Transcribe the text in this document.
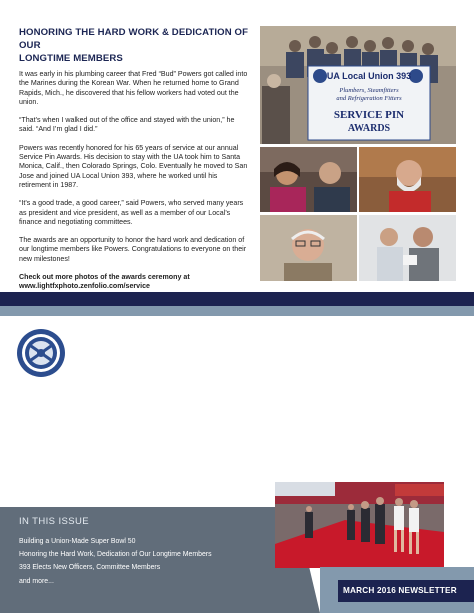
HONORING THE HARD WORK & DEDICATION OF OUR
LONGTIME MEMBERS

It was early in his plumbing career that Fred “Bud” Powers got called into the Marines during the Korean War. When he returned home to Grand Rapids, Mich., he discovered that his fellow workers had voted out the union.

“That’s when I walked out of the office and stayed with the union,” he said. “And I’m glad I did.”

Powers was recently honored for his 65 years of service at our annual Service Pin Awards. His decision to stay with the UA took him to Santa Monica, Calif., then Colorado Springs, Colo. Eventually he moved to San Jose and joined UA Local Union 393, where he worked until his retirement in 1987.

“It’s a good trade, a good career,” said Powers, who served many years as president and vice president, as well as a member of our Local’s finance and negotiating committees.

The awards are an opportunity to honor the hard work and dedication of our longtime members like Powers. Congratulations to everyone on their new milestones!

Check out more photos of the awards ceremony at
www.lightfxphoto.zenfolio.com/service

UA Local Union 393
Plumbers, Steamfitters
and Refrigeration Fitters
SERVICE PIN
AWARDS
IN THIS ISSUE
Building a Union-Made Super Bowl 50
Honoring the Hard Work, Dedication of Our Longtime Members
393 Elects New Officers, Committee Members
and more...
MARCH 2016 NEWSLETTER
